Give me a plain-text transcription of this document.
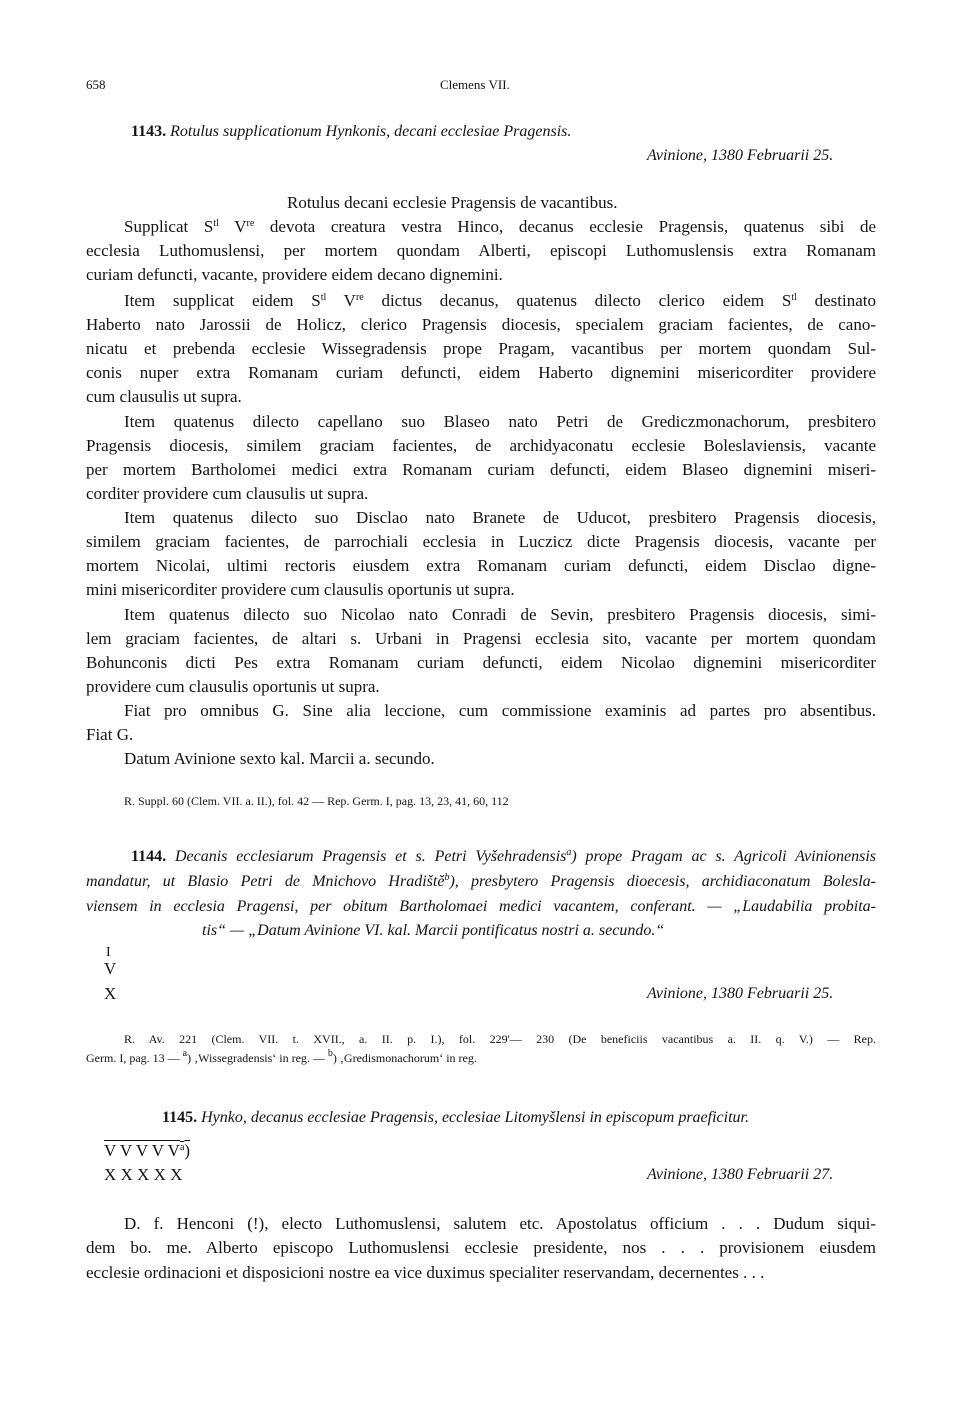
658	Clemens VII.
1143. Rotulus supplicationum Hynkonis, decani ecclesiae Pragensis.
Avinione, 1380 Februarii 25.
Rotulus decani ecclesie Pragensis de vacantibus.
Supplicat $S^{tl}$ Vre devota creatura vestra Hinco, decanus ecclesie Pragensis, quatenus sibi de
ecclesia Luthomuslensi, per mortem quondam Alberti, episcopi Luthomuslensis extra Romanam
curiam defuncti, vacante, providere eidem decano dignemini.
Item supplicat eidem $S^{tl}$ Vre dictus decanus, quatenus dilecto clerico eidem $S^{tl}$ destinato
Haberto nato Jarossii de Holicz, clerico Pragensis diocesis, specialem graciam facientes, de cano-
nicatu et prebenda ecclesie Wissegradensis prope Pragam, vacantibus per mortem quondam Sul-
conis nuper extra Romanam curiam defuncti, eidem Haberto dignemini misericorditer providere
cum clausulis ut supra.
Item quatenus dilecto capellano suo Blaseo nato Petri de Grediczmonachorum, presbitero
Pragensis diocesis, similem graciam facientes, de archidyaconatu ecclesie Boleslaviensis, vacante
per mortem Bartholomei medici extra Romanam curiam defuncti, eidem Blaseo dignemini miseri-
corditer providere cum clausulis ut supra.
Item quatenus dilecto suo Disclao nato Branete de Uducot, presbitero Pragensis diocesis,
similem graciam facientes, de parrochiali ecclesia in Luczicz dicte Pragensis diocesis, vacante per
mortem Nicolai, ultimi rectoris eiusdem extra Romanam curiam defuncti, eidem Disclao digne-
mini misericorditer providere cum clausulis oportunis ut supra.
Item quatenus dilecto suo Nicolao nato Conradi de Sevin, presbitero Pragensis diocesis, simi-
lem graciam facientes, de altari s. Urbani in Pragensi ecclesia sito, vacante per mortem quondam
Bohunconis dicti Pes extra Romanam curiam defuncti, eidem Nicolao dignemini misericorditer
providere cum clausulis oportunis ut supra.
Fiat pro omnibus G. Sine alia leccione, cum commissione examinis ad partes pro absentibus.
Fiat G.
Datum Avinione sexto kal. Marcii a. secundo.
R. Suppl. 60 (Clem. VII. a. II.), fol. 42 — Rep. Germ. I, pag. 13, 23, 41, 60, 112
1144. Decanis ecclesiarum Pragensis et s. Petri Vyšehradensis$^a$) prope Pragam ac s. Agricoli Avinionensis
mandatur, ut Blasio Petri de Mnichovo Hradiště$^b$), presbytero Pragensis dioecesis, archidiaconatum Bolesla-
viensem in ecclesia Pragensi, per obitum Bartholomaei medici vacantem, conferant. — „Laudabilia probita-
tis“ — „Datum Avinione VI. kal. Marcii pontificatus nostri a. secundo.“
I
V
X	Avinione, 1380 Februarii 25.
R. Av. 221 (Clem. VII. t. XVII., a. II. p. I.), fol. 229'— 230 (De beneficiis vacantibus a. II. q. V.) — Rep.
Germ. I, pag. 13 — $^a$) ‚Wissegradensis‘ in reg. — $^b$) ‚Gredismonachorum‘ in reg.
1145. Hynko, decanus ecclesiae Pragensis, ecclesiae Litomyšlensi in episcopum praeficitur.
V V V V $V^a$)
X X X X X	Avinione, 1380 Februarii 27.
D. f. Henconi (!), electo Luthomuslensi, salutem etc. Apostolatus officium . . . Dudum siqui-
dem bo. me. Alberto episcopo Luthomuslensi ecclesie presidente, nos . . . provisionem eiusdem
ecclesie ordinacioni et disposicioni nostre ea vice duximus specialiter reservandam, decernentes . . .
